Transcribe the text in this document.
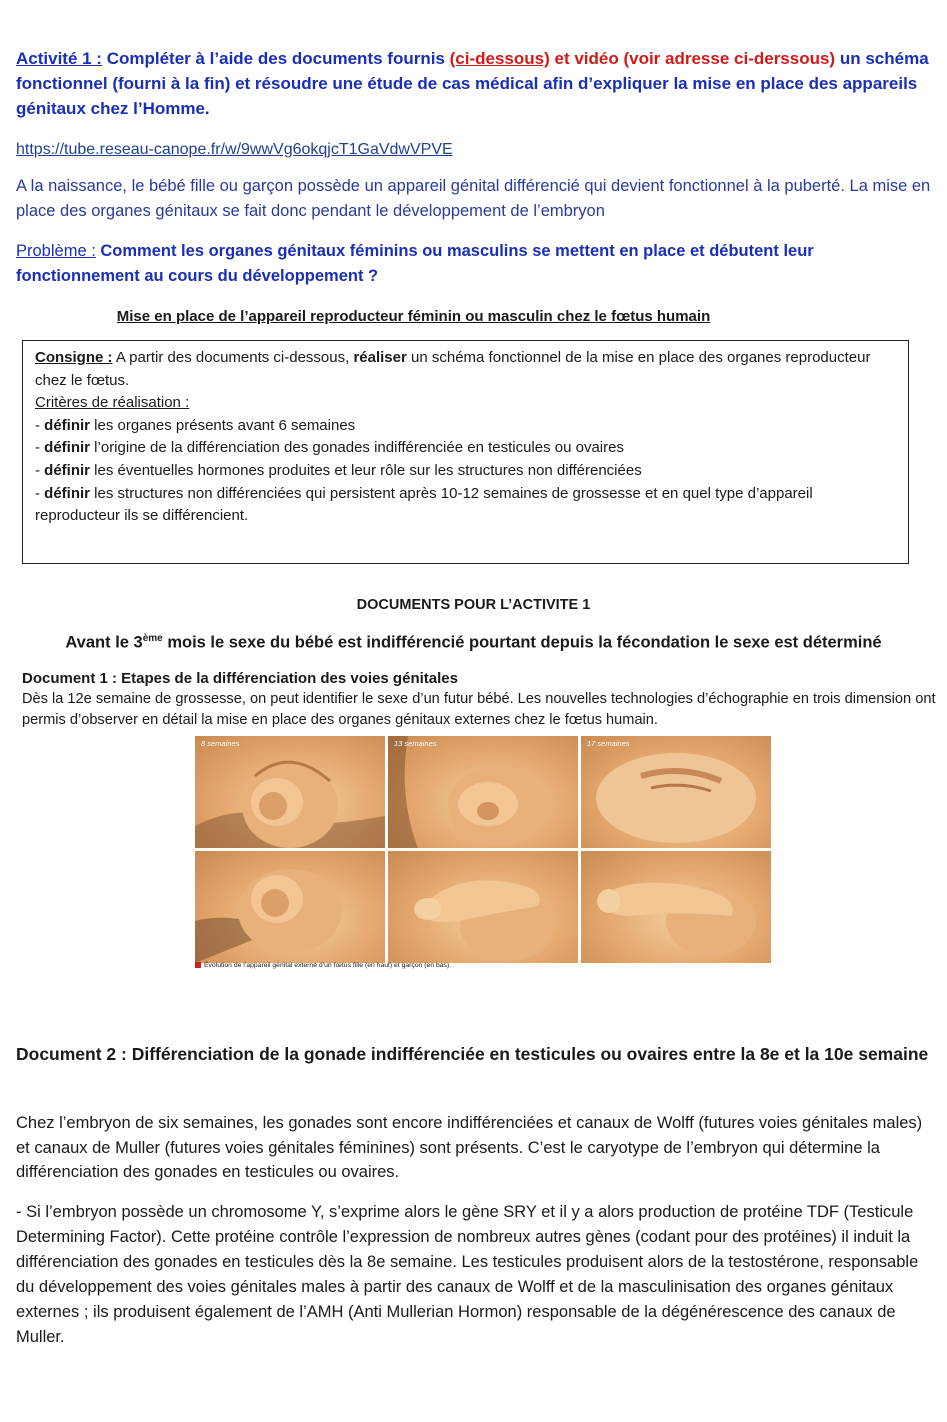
Activité 1 : Compléter à l’aide des documents fournis (ci-dessous) et vidéo (voir adresse ci-derssous) un schéma fonctionnel (fourni à la fin) et résoudre une étude de cas médical afin d’expliquer la mise en place des appareils génitaux chez l’Homme.

https://tube.reseau-canope.fr/w/9wwVg6okqjcT1GaVdwVPVE

A la naissance, le bébé fille ou garçon possède un appareil génital différencié qui devient fonctionnel à la puberté. La mise en place des organes génitaux se fait donc pendant le développement de l’embryon

Problème : Comment les organes génitaux féminins ou masculins se mettent en place et débutent leur fonctionnement au cours du développement ?

Mise en place de l’appareil reproducteur féminin ou masculin chez le fœtus humain

Consigne : A partir des documents ci-dessous, réaliser un schéma fonctionnel de la mise en place des organes reproducteur chez le fœtus.

Critères de réalisation :

- définir les organes présents avant 6 semaines

- définir l’origine de la différenciation des gonades indifférenciée en testicules ou ovaires

- définir les éventuelles hormones produites et leur rôle sur les structures non différenciées

- définir les structures non différenciées qui persistent après 10-12 semaines de grossesse et en quel type d’appareil reproducteur ils se différencient.

DOCUMENTS POUR L’ACTIVITE 1

Avant le 3ème mois le sexe du bébé est indifférencié pourtant depuis la fécondation le sexe est déterminé

Document 1 : Etapes de la différenciation des voies génitales

Dès la 12e semaine de grossesse, on peut identifier le sexe d’un futur bébé. Les nouvelles technologies d’échographie en trois dimension ont permis d’observer en détail la mise en place des organes génitaux externes chez le fœtus humain.

8 semaines	13 semaines	17 semaines
Évolution de l’appareil génital externe d’un fœtus fille (en haut) et garçon (en bas).

Document 2 : Différenciation de la gonade indifférenciée en testicules ou ovaires entre la 8e et la 10e semaine

Chez l’embryon de six semaines, les gonades sont encore indifférenciées et canaux de Wolff (futures voies génitales males) et canaux de Muller (futures voies génitales féminines) sont présents. C’est le caryotype de l’embryon qui détermine la différenciation des gonades en testicules ou ovaires.

- Si l’embryon possède un chromosome Y, s’exprime alors le gène SRY et il y a alors production de protéine TDF (Testicule Determining Factor). Cette protéine contrôle l’expression de nombreux autres gènes (codant pour des protéines) il induit la différenciation des gonades en testicules dès la 8e semaine. Les testicules produisent alors de la testostérone, responsable du développement des voies génitales males à partir des canaux de Wolff et de la masculinisation des organes génitaux externes ; ils produisent également de l’AMH (Anti Mullerian Hormon) responsable de la dégénérescence des canaux de Muller.
